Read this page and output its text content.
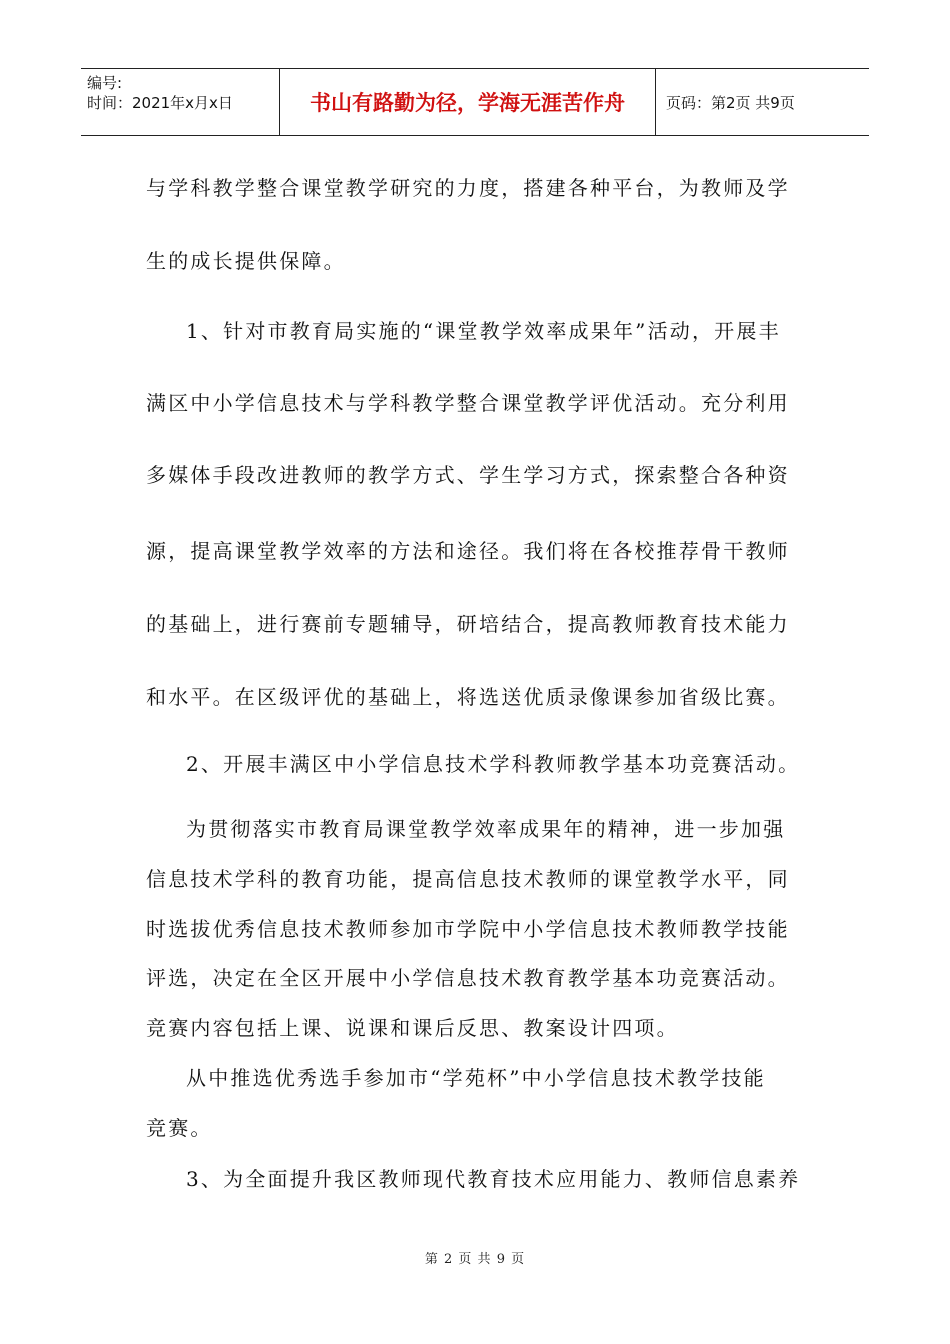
编号:
时间：2021年x月x日	书山有路勤为径，学海无涯苦作舟	页码：第2页 共9页
与学科教学整合课堂教学研究的力度，搭建各种平台，为教师及学
生的成长提供保障。
1、针对市教育局实施的“课堂教学效率成果年”活动，开展丰
满区中小学信息技术与学科教学整合课堂教学评优活动。充分利用
多媒体手段改进教师的教学方式、学生学习方式，探索整合各种资
源，提高课堂教学效率的方法和途径。我们将在各校推荐骨干教师
的基础上，进行赛前专题辅导，研培结合，提高教师教育技术能力
和水平。在区级评优的基础上，将选送优质录像课参加省级比赛。
2、开展丰满区中小学信息技术学科教师教学基本功竞赛活动。
为贯彻落实市教育局课堂教学效率成果年的精神，进一步加强
信息技术学科的教育功能，提高信息技术教师的课堂教学水平，同
时选拔优秀信息技术教师参加市学院中小学信息技术教师教学技能
评选，决定在全区开展中小学信息技术教育教学基本功竞赛活动。
竞赛内容包括上课、说课和课后反思、教案设计四项。
从中推选优秀选手参加市“学苑杯”中小学信息技术教学技能
竞赛。
3、为全面提升我区教师现代教育技术应用能力、教师信息素养
第 2 页 共 9 页
